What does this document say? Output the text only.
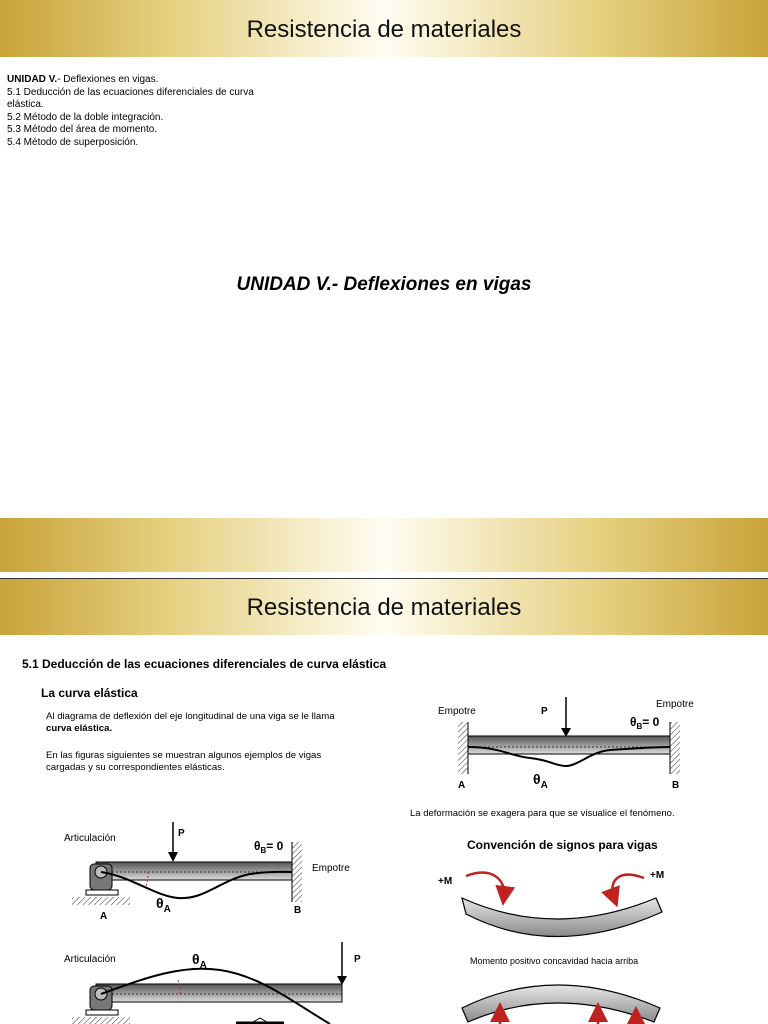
Resistencia de materiales
UNIDAD V.- Deflexiones en vigas.
5.1 Deducción de las ecuaciones diferenciales de curva
elástica.
5.2 Método de la doble integración.
5.3 Método del área de momento.
5.4 Método de superposición.
UNIDAD V.- Deflexiones en vigas
Resistencia de materiales
5.1 Deducción de las ecuaciones diferenciales de curva elástica
La curva elástica
Al diagrama de deflexión del eje longitudinal de una viga se le llama
curva elástica.
En las figuras siguientes se muestran algunos ejemplos de vigas
cargadas y su correspondientes elásticas.
Empotre
Empotre
P
$\theta_B= 0$
$\theta_A$
A	B
La deformación se exagera para que se visualice el fenómeno.
Articulación	P
$\theta_B= 0$
Empotre
$\theta_A$
A
B
Articulación	P
$\theta_A$
Convención de signos para vigas
+M
+M
Momento positivo concavidad hacia arriba
